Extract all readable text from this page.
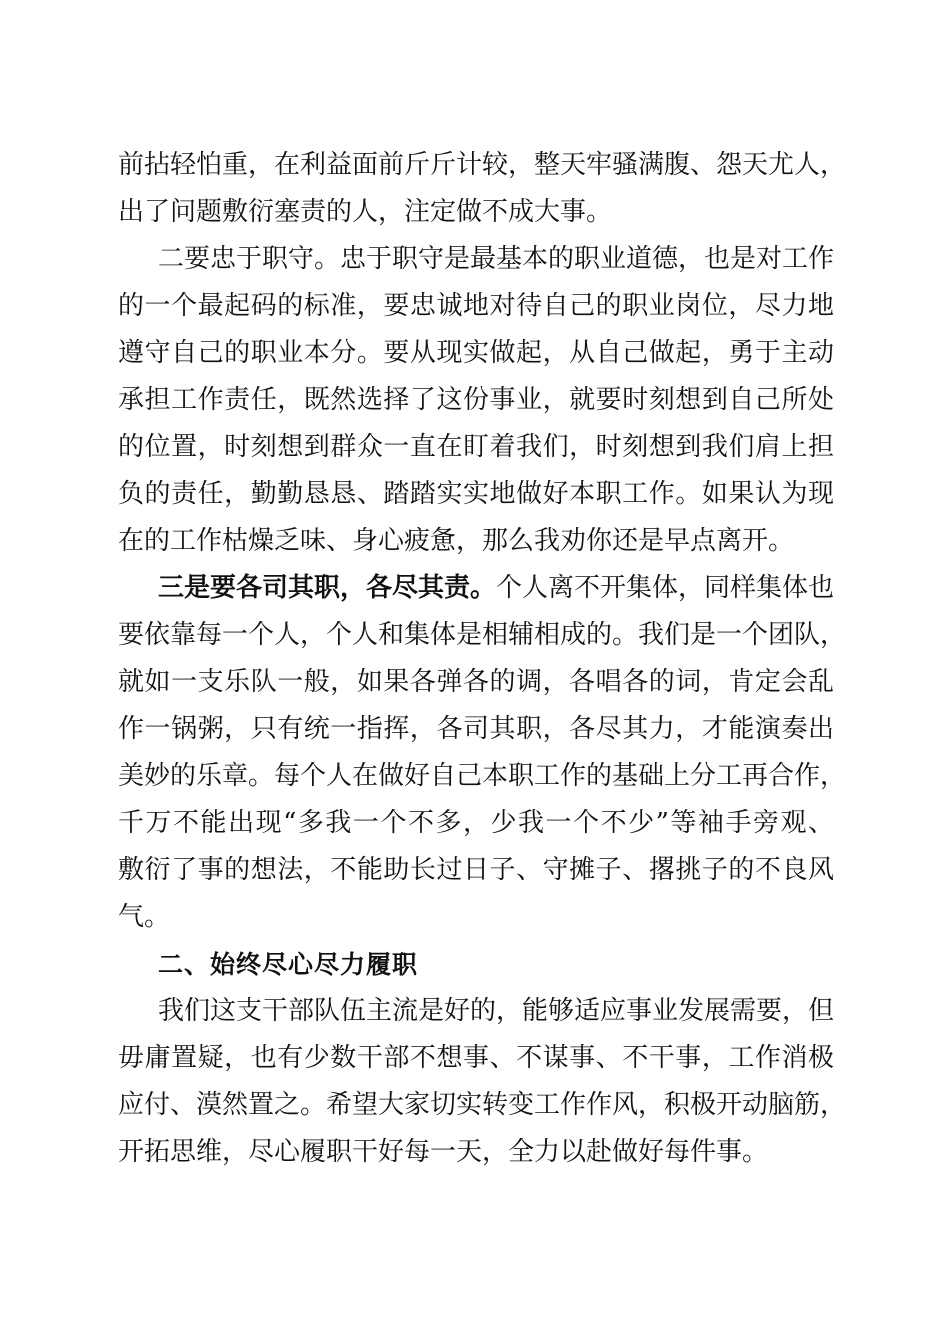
前拈轻怕重，在利益面前斤斤计较，整天牢骚满腹、怨天尤人，
出了问题敷衍塞责的人，注定做不成大事。
二要忠于职守。忠于职守是最基本的职业道德，也是对工作
的一个最起码的标准，要忠诚地对待自己的职业岗位，尽力地
遵守自己的职业本分。要从现实做起，从自己做起，勇于主动
承担工作责任，既然选择了这份事业，就要时刻想到自己所处
的位置，时刻想到群众一直在盯着我们，时刻想到我们肩上担
负的责任，勤勤恳恳、踏踏实实地做好本职工作。如果认为现
在的工作枯燥乏味、身心疲惫，那么我劝你还是早点离开。
三是要各司其职，各尽其责。个人离不开集体，同样集体也
要依靠每一个人，个人和集体是相辅相成的。我们是一个团队，
就如一支乐队一般，如果各弹各的调，各唱各的词，肯定会乱
作一锅粥，只有统一指挥，各司其职，各尽其力，才能演奏出
美妙的乐章。每个人在做好自己本职工作的基础上分工再合作，
千万不能出现“多我一个不多，少我一个不少”等袖手旁观、
敷衍了事的想法，不能助长过日子、守摊子、撂挑子的不良风
气。
二、始终尽心尽力履职
我们这支干部队伍主流是好的，能够适应事业发展需要，但
毋庸置疑，也有少数干部不想事、不谋事、不干事，工作消极
应付、漠然置之。希望大家切实转变工作作风，积极开动脑筋，
开拓思维，尽心履职干好每一天，全力以赴做好每件事。
